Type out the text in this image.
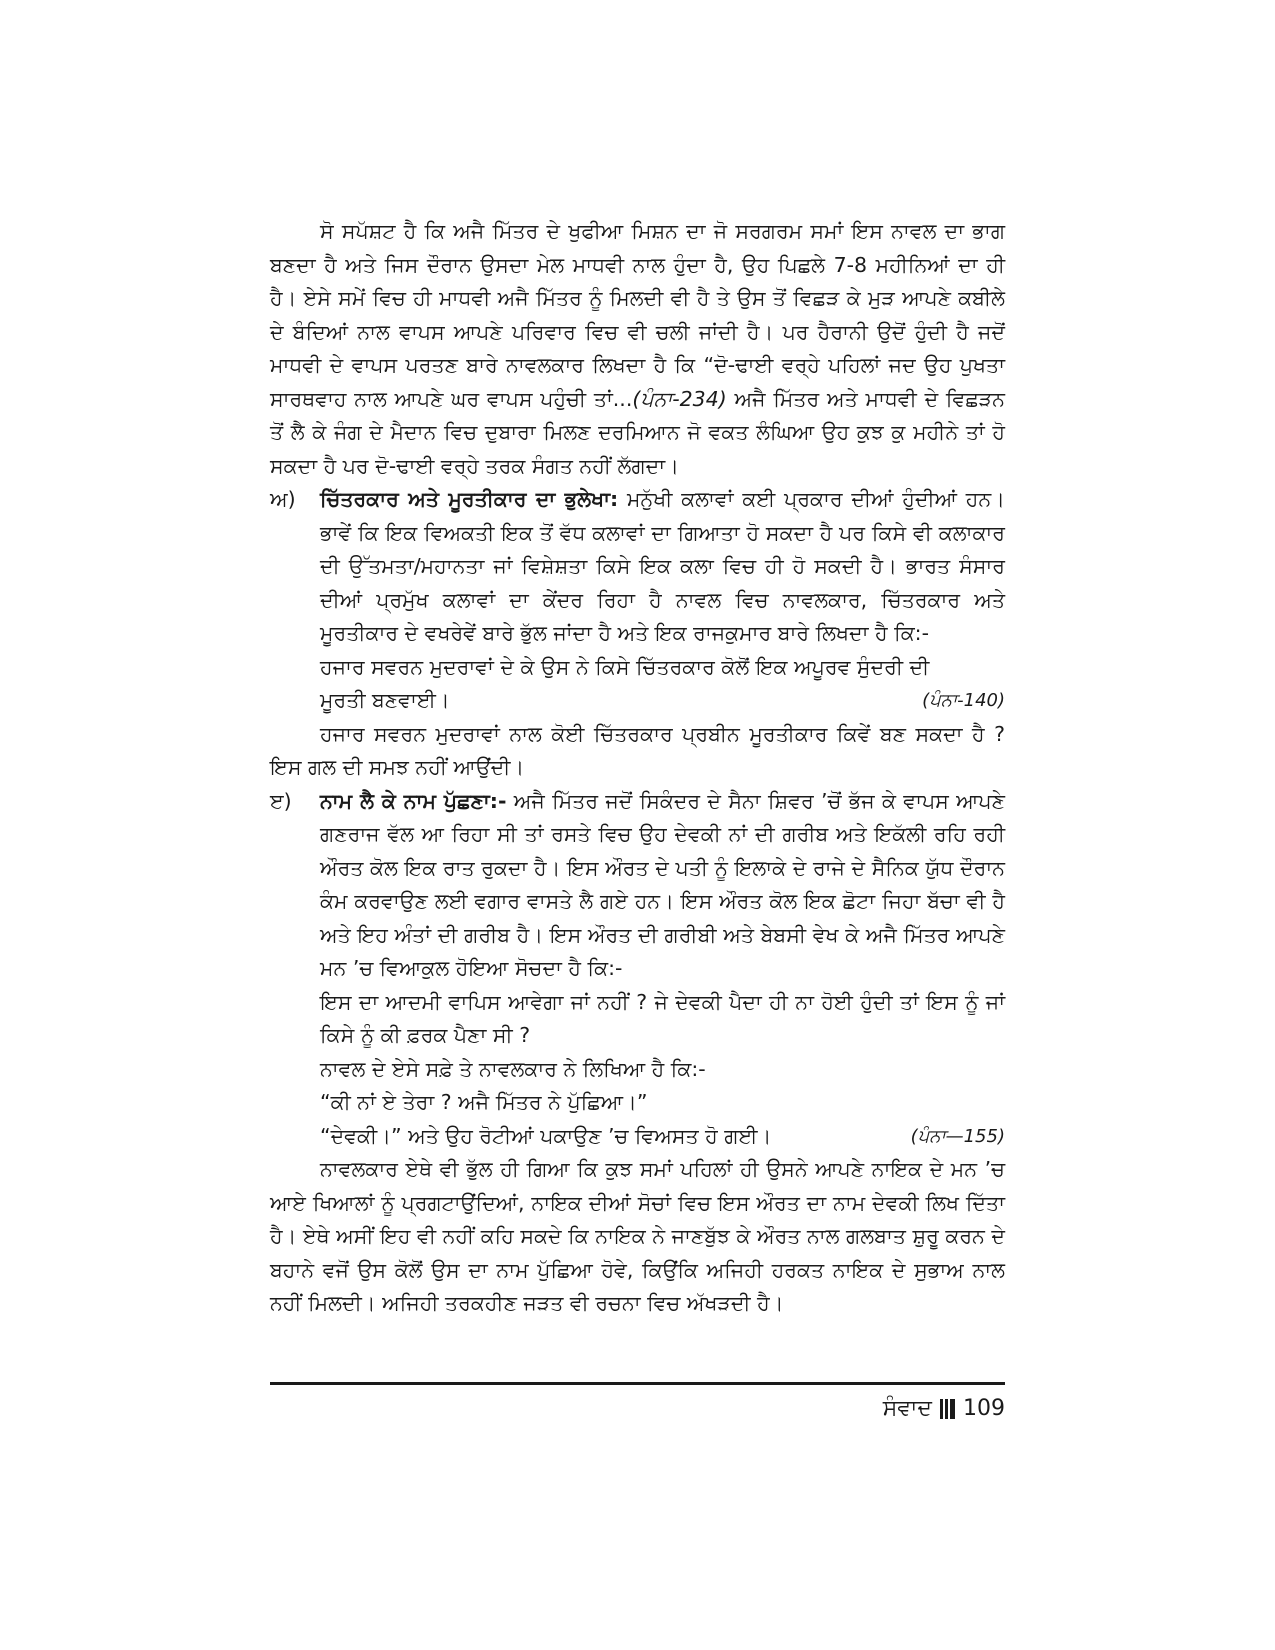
ਸੋ ਸਪੱਸ਼ਟ ਹੈ ਕਿ ਅਜੈ ਮਿੱਤਰ ਦੇ ਖੁਫੀਆ ਮਿਸ਼ਨ ਦਾ ਜੋ ਸਰਗਰਮ ਸਮਾਂ ਇਸ ਨਾਵਲ ਦਾ ਭਾਗ ਬਣਦਾ ਹੈ ਅਤੇ ਜਿਸ ਦੌਰਾਨ ਉਸਦਾ ਮੇਲ ਮਾਧਵੀ ਨਾਲ ਹੁੰਦਾ ਹੈ, ਉਹ ਪਿਛਲੇ 7-8 ਮਹੀਨਿਆਂ ਦਾ ਹੀ ਹੈ। ਏਸੇ ਸਮੇਂ ਵਿਚ ਹੀ ਮਾਧਵੀ ਅਜੈ ਮਿੱਤਰ ਨੂੰ ਮਿਲਦੀ ਵੀ ਹੈ ਤੇ ਉਸ ਤੋਂ ਵਿਛੜ ਕੇ ਮੁੜ ਆਪਣੇ ਕਬੀਲੇ ਦੇ ਬੰਦਿਆਂ ਨਾਲ ਵਾਪਸ ਆਪਣੇ ਪਰਿਵਾਰ ਵਿਚ ਵੀ ਚਲੀ ਜਾਂਦੀ ਹੈ। ਪਰ ਹੈਰਾਨੀ ਉਦੋਂ ਹੁੰਦੀ ਹੈ ਜਦੋਂ ਮਾਧਵੀ ਦੇ ਵਾਪਸ ਪਰਤਣ ਬਾਰੇ ਨਾਵਲਕਾਰ ਲਿਖਦਾ ਹੈ ਕਿ “ਦੋ-ਢਾਈ ਵਰ੍ਹੇ ਪਹਿਲਾਂ ਜਦ ਉਹ ਪੁਖਤਾ ਸਾਰਥਵਾਹ ਨਾਲ ਆਪਣੇ ਘਰ ਵਾਪਸ ਪਹੁੰਚੀ ਤਾਂ...(ਪੰਨਾ-234) ਅਜੈ ਮਿੱਤਰ ਅਤੇ ਮਾਧਵੀ ਦੇ ਵਿਛੜਨ ਤੋਂ ਲੈ ਕੇ ਜੰਗ ਦੇ ਮੈਦਾਨ ਵਿਚ ਦੁਬਾਰਾ ਮਿਲਣ ਦਰਮਿਆਨ ਜੋ ਵਕਤ ਲੰਘਿਆ ਉਹ ਕੁਝ ਕੁ ਮਹੀਨੇ ਤਾਂ ਹੋ ਸਕਦਾ ਹੈ ਪਰ ਦੋ-ਢਾਈ ਵਰ੍ਹੇ ਤਰਕ ਸੰਗਤ ਨਹੀਂ ਲੱਗਦਾ।

ਅ)	ਚਿੱਤਰਕਾਰ ਅਤੇ ਮੂਰਤੀਕਾਰ ਦਾ ਭੁਲੇਖਾ: ਮਨੁੱਖੀ ਕਲਾਵਾਂ ਕਈ ਪ੍ਰਕਾਰ ਦੀਆਂ ਹੁੰਦੀਆਂ ਹਨ। ਭਾਵੇਂ ਕਿ ਇਕ ਵਿਅਕਤੀ ਇਕ ਤੋਂ ਵੱਧ ਕਲਾਵਾਂ ਦਾ ਗਿਆਤਾ ਹੋ ਸਕਦਾ ਹੈ ਪਰ ਕਿਸੇ ਵੀ ਕਲਾਕਾਰ ਦੀ ਉੱਤਮਤਾ/ਮਹਾਨਤਾ ਜਾਂ ਵਿਸ਼ੇਸ਼ਤਾ ਕਿਸੇ ਇਕ ਕਲਾ ਵਿਚ ਹੀ ਹੋ ਸਕਦੀ ਹੈ। ਭਾਰਤ ਸੰਸਾਰ ਦੀਆਂ ਪ੍ਰਮੁੱਖ ਕਲਾਵਾਂ ਦਾ ਕੇਂਦਰ ਰਿਹਾ ਹੈ ਨਾਵਲ ਵਿਚ ਨਾਵਲਕਾਰ, ਚਿੱਤਰਕਾਰ ਅਤੇ ਮੂਰਤੀਕਾਰ ਦੇ ਵਖਰੇਵੇਂ ਬਾਰੇ ਭੁੱਲ ਜਾਂਦਾ ਹੈ ਅਤੇ ਇਕ ਰਾਜਕੁਮਾਰ ਬਾਰੇ ਲਿਖਦਾ ਹੈ ਕਿ:-

ਹਜਾਰ ਸਵਰਨ ਮੁਦਰਾਵਾਂ ਦੇ ਕੇ ਉਸ ਨੇ ਕਿਸੇ ਚਿੱਤਰਕਾਰ ਕੋਲੋਂ ਇਕ ਅਪੂਰਵ ਸੁੰਦਰੀ ਦੀ

ਮੂਰਤੀ ਬਣਵਾਈ।	(ਪੰਨਾ-140)

ਹਜਾਰ ਸਵਰਨ ਮੁਦਰਾਵਾਂ ਨਾਲ ਕੋਈ ਚਿੱਤਰਕਾਰ ਪ੍ਰਬੀਨ ਮੂਰਤੀਕਾਰ ਕਿਵੇਂ ਬਣ ਸਕਦਾ ਹੈ ? ਇਸ ਗਲ ਦੀ ਸਮਝ ਨਹੀਂ ਆਉਂਦੀ।

ੲ)	ਨਾਮ ਲੈ ਕੇ ਨਾਮ ਪੁੱਛਣਾ:- ਅਜੈ ਮਿੱਤਰ ਜਦੋਂ ਸਿਕੰਦਰ ਦੇ ਸੈਨਾ ਸ਼ਿਵਰ ’ਚੋਂ ਭੱਜ ਕੇ ਵਾਪਸ ਆਪਣੇ ਗਣਰਾਜ ਵੱਲ ਆ ਰਿਹਾ ਸੀ ਤਾਂ ਰਸਤੇ ਵਿਚ ਉਹ ਦੇਵਕੀ ਨਾਂ ਦੀ ਗਰੀਬ ਅਤੇ ਇਕੱਲੀ ਰਹਿ ਰਹੀ ਔਰਤ ਕੋਲ ਇਕ ਰਾਤ ਰੁਕਦਾ ਹੈ। ਇਸ ਔਰਤ ਦੇ ਪਤੀ ਨੂੰ ਇਲਾਕੇ ਦੇ ਰਾਜੇ ਦੇ ਸੈਨਿਕ ਯੁੱਧ ਦੌਰਾਨ ਕੰਮ ਕਰਵਾਉਣ ਲਈ ਵਗਾਰ ਵਾਸਤੇ ਲੈ ਗਏ ਹਨ। ਇਸ ਔਰਤ ਕੋਲ ਇਕ ਛੋਟਾ ਜਿਹਾ ਬੱਚਾ ਵੀ ਹੈ ਅਤੇ ਇਹ ਅੰਤਾਂ ਦੀ ਗਰੀਬ ਹੈ। ਇਸ ਔਰਤ ਦੀ ਗਰੀਬੀ ਅਤੇ ਬੇਬਸੀ ਵੇਖ ਕੇ ਅਜੈ ਮਿੱਤਰ ਆਪਣੇ ਮਨ ’ਚ ਵਿਆਕੁਲ ਹੋਇਆ ਸੋਚਦਾ ਹੈ ਕਿ:-

ਇਸ ਦਾ ਆਦਮੀ ਵਾਪਿਸ ਆਵੇਗਾ ਜਾਂ ਨਹੀਂ ? ਜੇ ਦੇਵਕੀ ਪੈਦਾ ਹੀ ਨਾ ਹੋਈ ਹੁੰਦੀ ਤਾਂ ਇਸ ਨੂੰ ਜਾਂ ਕਿਸੇ ਨੂੰ ਕੀ ਫ਼ਰਕ ਪੈਣਾ ਸੀ ?

ਨਾਵਲ ਦੇ ਏਸੇ ਸਫ਼ੇ ਤੇ ਨਾਵਲਕਾਰ ਨੇ ਲਿਖਿਆ ਹੈ ਕਿ:-

“ਕੀ ਨਾਂ ਏ ਤੇਰਾ ? ਅਜੈ ਮਿੱਤਰ ਨੇ ਪੁੱਛਿਆ।”

“ਦੇਵਕੀ।” ਅਤੇ ਉਹ ਰੋਟੀਆਂ ਪਕਾਉਣ ’ਚ ਵਿਅਸਤ ਹੋ ਗਈ।	(ਪੰਨਾ—155)

ਨਾਵਲਕਾਰ ਏਥੇ ਵੀ ਭੁੱਲ ਹੀ ਗਿਆ ਕਿ ਕੁਝ ਸਮਾਂ ਪਹਿਲਾਂ ਹੀ ਉਸਨੇ ਆਪਣੇ ਨਾਇਕ ਦੇ ਮਨ ’ਚ ਆਏ ਖਿਆਲਾਂ ਨੂੰ ਪ੍ਰਗਟਾਉਂਦਿਆਂ, ਨਾਇਕ ਦੀਆਂ ਸੋਚਾਂ ਵਿਚ ਇਸ ਔਰਤ ਦਾ ਨਾਮ ਦੇਵਕੀ ਲਿਖ ਦਿੱਤਾ ਹੈ। ਏਥੇ ਅਸੀਂ ਇਹ ਵੀ ਨਹੀਂ ਕਹਿ ਸਕਦੇ ਕਿ ਨਾਇਕ ਨੇ ਜਾਣਬੁੱਝ ਕੇ ਔਰਤ ਨਾਲ ਗਲਬਾਤ ਸ਼ੁਰੂ ਕਰਨ ਦੇ ਬਹਾਨੇ ਵਜੋਂ ਉਸ ਕੋਲੋਂ ਉਸ ਦਾ ਨਾਮ ਪੁੱਛਿਆ ਹੋਵੇ, ਕਿਉਂਕਿ ਅਜਿਹੀ ਹਰਕਤ ਨਾਇਕ ਦੇ ਸੁਭਾਅ ਨਾਲ ਨਹੀਂ ਮਿਲਦੀ। ਅਜਿਹੀ ਤਰਕਹੀਣ ਜੜਤ ਵੀ ਰਚਨਾ ਵਿਚ ਅੱਖੜਦੀ ਹੈ।

ਸੰਵਾਦ 109
